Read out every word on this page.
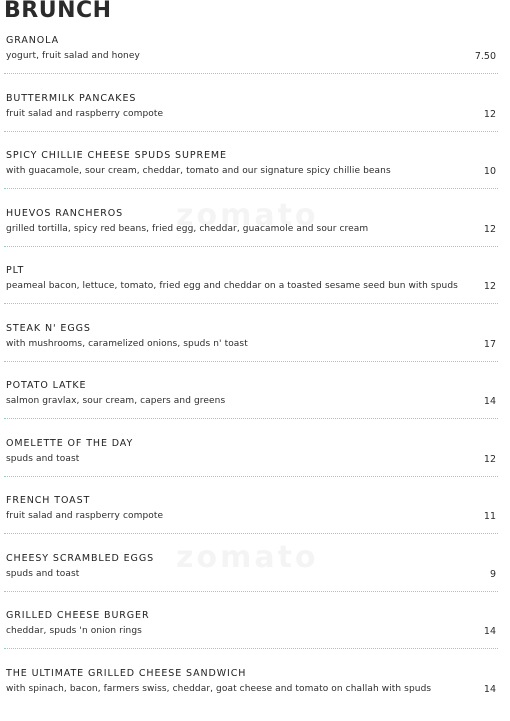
BRUNCH
GRANOLA
yogurt, fruit salad and honey	7.50
BUTTERMILK PANCAKES
fruit salad and raspberry compote	12
SPICY CHILLIE CHEESE SPUDS SUPREME
with guacamole, sour cream, cheddar, tomato and our signature spicy chillie beans	10
HUEVOS RANCHEROS
grilled tortilla, spicy red beans, fried egg, cheddar, guacamole and sour cream	12
PLT
peameal bacon, lettuce, tomato, fried egg and cheddar on a toasted sesame seed bun with spuds	12
STEAK N' EGGS
with mushrooms, caramelized onions, spuds n' toast	17
POTATO LATKE
salmon gravlax, sour cream, capers and greens	14
OMELETTE OF THE DAY
spuds and toast	12
FRENCH TOAST
fruit salad and raspberry compote	11
CHEESY SCRAMBLED EGGS
spuds and toast	9
GRILLED CHEESE BURGER
cheddar, spuds 'n onion rings	14
THE ULTIMATE GRILLED CHEESE SANDWICH
with spinach, bacon, farmers swiss, cheddar, goat cheese and tomato on challah with spuds	14
